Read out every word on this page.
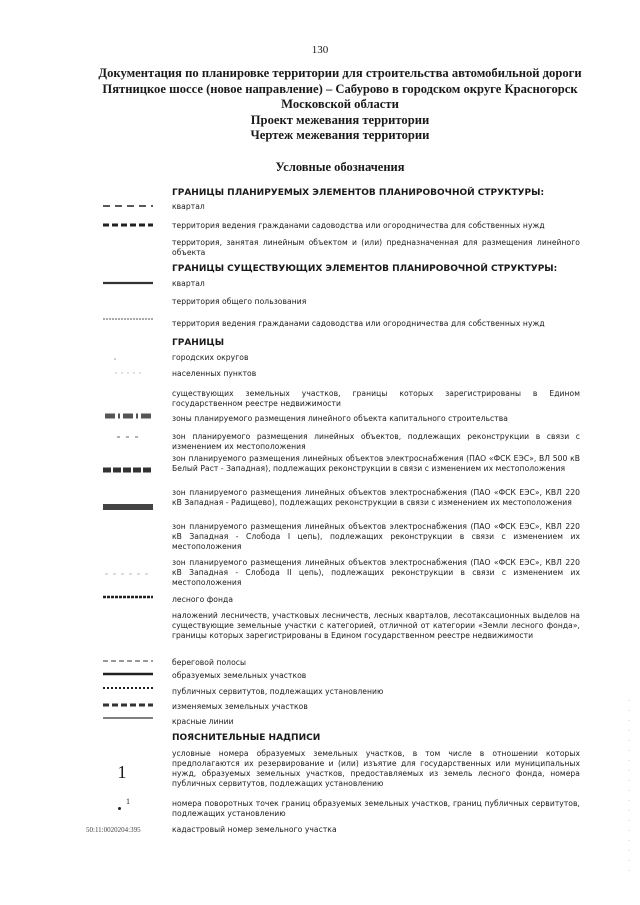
130
Документация по планировке территории для строительства автомобильной дороги
Пятницкое шоссе (новое направление) – Сабурово в городском округе Красногорск
Московской области
Проект межевания территории
Чертеж межевания территории
Условные обозначения
ГРАНИЦЫ ПЛАНИРУЕМЫХ ЭЛЕМЕНТОВ ПЛАНИРОВОЧНОЙ СТРУКТУРЫ:
квартал
территория ведения гражданами садоводства или огородничества для собственных нужд
территория, занятая линейным объектом и (или) предназначенная для размещения линейного объекта
ГРАНИЦЫ СУЩЕСТВУЮЩИХ ЭЛЕМЕНТОВ ПЛАНИРОВОЧНОЙ СТРУКТУРЫ:
квартал
территория общего пользования
территория ведения гражданами садоводства или огородничества для собственных нужд
ГРАНИЦЫ
городских округов
населенных пунктов
существующих земельных участков, границы которых зарегистрированы в Едином государственном реестре недвижимости
зоны планируемого размещения линейного объекта капитального строительства
зон планируемого размещения линейных объектов, подлежащих реконструкции в связи с изменением их местоположения
зон планируемого размещения линейных объектов электроснабжения (ПАО «ФСК ЕЭС», ВЛ 500 кВ Белый Раст - Западная), подлежащих реконструкции в связи с изменением их местоположения
зон планируемого размещения линейных объектов электроснабжения (ПАО «ФСК ЕЭС», КВЛ 220 кВ Западная - Радищево), подлежащих реконструкции в связи с изменением их местоположения
зон планируемого размещения линейных объектов электроснабжения (ПАО «ФСК ЕЭС», КВЛ 220 кВ Западная - Слобода I цепь), подлежащих реконструкции в связи с изменением их местоположения
зон планируемого размещения линейных объектов электроснабжения (ПАО «ФСК ЕЭС», КВЛ 220 кВ Западная - Слобода II цепь), подлежащих реконструкции в связи с изменением их местоположения
лесного фонда
наложений лесничеств, участковых лесничеств, лесных кварталов, лесотаксационных выделов на существующие земельные участки с категорией, отличной от категории «Земли лесного фонда», границы которых зарегистрированы в Едином государственном реестре недвижимости
береговой полосы
образуемых земельных участков
публичных сервитутов, подлежащих установлению
изменяемых земельных участков
красные линии
ПОЯСНИТЕЛЬНЫЕ НАДПИСИ
1
условные номера образуемых земельных участков, в том числе в отношении которых предполагаются их резервирование и (или) изъятие для государственных или муниципальных нужд, образуемых земельных участков, предоставляемых из земель лесного фонда, номера публичных сервитутов, подлежащих установлению
1	номера поворотных точек границ образуемых земельных участков, границ публичных сервитутов, подлежащих установлению
50:11:0020204:395	кадастровый номер земельного участка
